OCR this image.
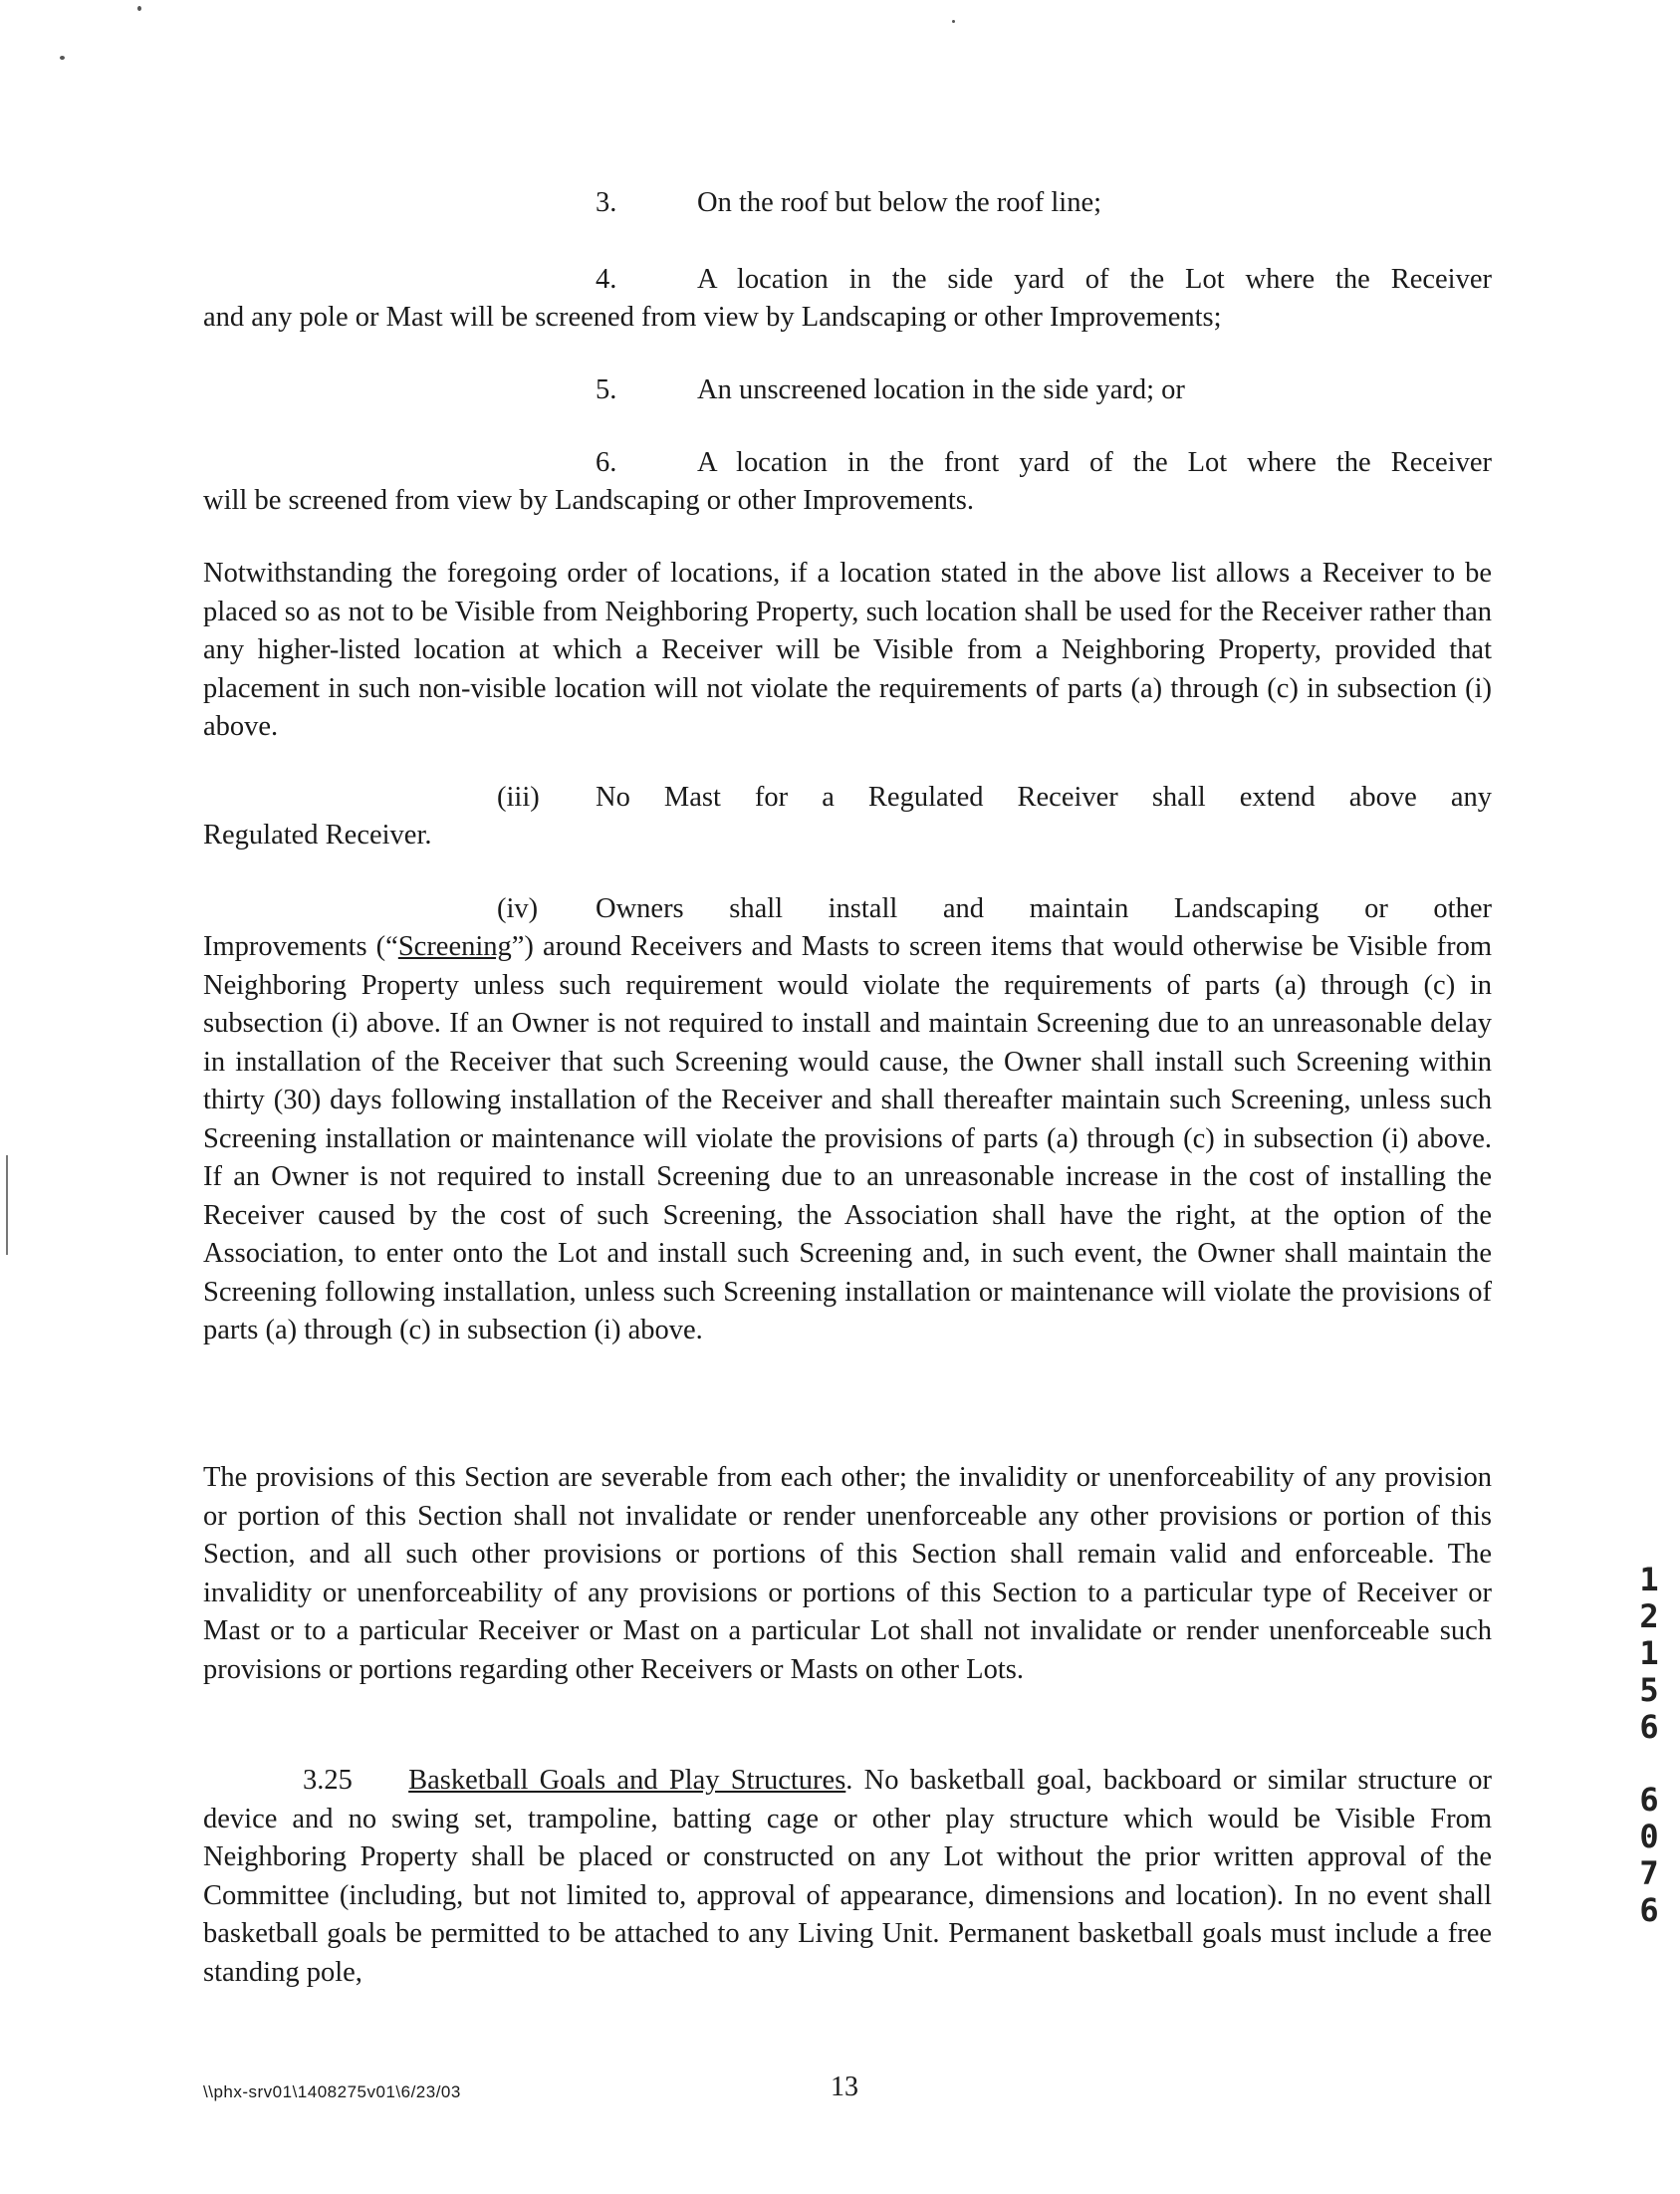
3.	On the roof but below the roof line;
4.	A location in the side yard of the Lot where the Receiver
and any pole or Mast will be screened from view by Landscaping or other Improvements;
5.	An unscreened location in the side yard; or
6.	A location in the front yard of the Lot where the Receiver
will be screened from view by Landscaping or other Improvements.
Notwithstanding the foregoing order of locations, if a location stated in the above list allows a Receiver to be placed so as not to be Visible from Neighboring Property, such location shall be used for the Receiver rather than any higher-listed location at which a Receiver will be Visible from a Neighboring Property, provided that placement in such non-visible location will not violate the requirements of parts (a) through (c) in subsection (i) above.
(iii) No Mast for a Regulated Receiver shall extend above any
Regulated Receiver.
(iv) Owners shall install and maintain Landscaping or other
Improvements (“Screening”) around Receivers and Masts to screen items that would otherwise be Visible from Neighboring Property unless such requirement would violate the requirements of parts (a) through (c) in subsection (i) above. If an Owner is not required to install and maintain Screening due to an unreasonable delay in installation of the Receiver that such Screening would cause, the Owner shall install such Screening within thirty (30) days following installation of the Receiver and shall thereafter maintain such Screening, unless such Screening installation or maintenance will violate the provisions of parts (a) through (c) in subsection (i) above. If an Owner is not required to install Screening due to an unreasonable increase in the cost of installing the Receiver caused by the cost of such Screening, the Association shall have the right, at the option of the Association, to enter onto the Lot and install such Screening and, in such event, the Owner shall maintain the Screening following installation, unless such Screening installation or maintenance will violate the provisions of parts (a) through (c) in subsection (i) above.
The provisions of this Section are severable from each other; the invalidity or unenforceability of any provision or portion of this Section shall not invalidate or render unenforceable any other provisions or portion of this Section, and all such other provisions or portions of this Section shall remain valid and enforceable. The invalidity or unenforceability of any provisions or portions of this Section to a particular type of Receiver or Mast or to a particular Receiver or Mast on a particular Lot shall not invalidate or render unenforceable such provisions or portions regarding other Receivers or Masts on other Lots.
3.25 Basketball Goals and Play Structures. No basketball goal, backboard or similar structure or device and no swing set, trampoline, batting cage or other play structure which would be Visible From Neighboring Property shall be placed or constructed on any Lot without the prior written approval of the Committee (including, but not limited to, approval of appearance, dimensions and location). In no event shall basketball goals be permitted to be attached to any Living Unit. Permanent basketball goals must include a free standing pole,
\\phx-srv01\1408275v01\6/23/03	13
1
2
1
5
6
6
0
7
6
